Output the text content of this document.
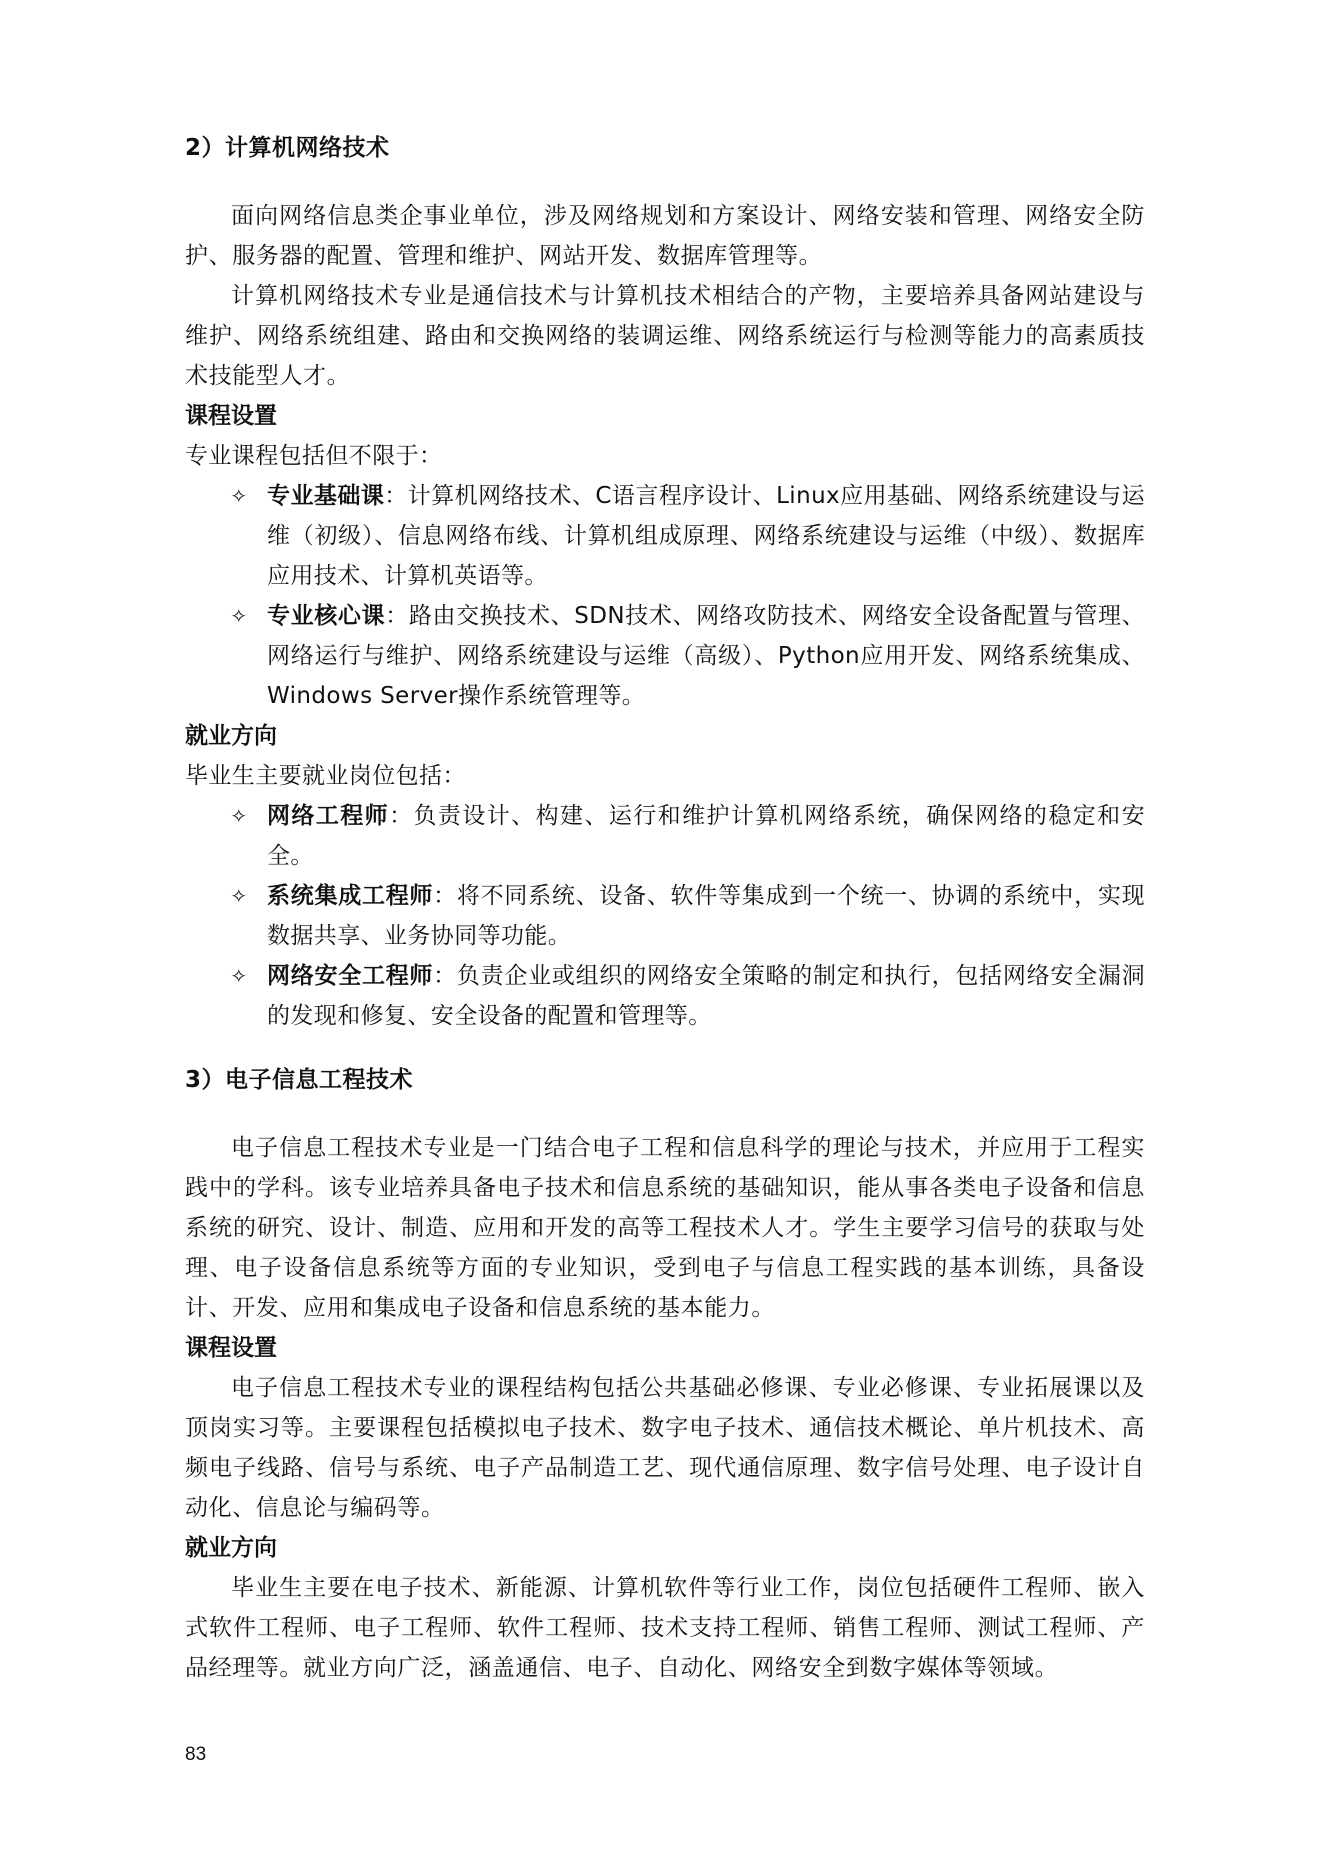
2）计算机网络技术

面向网络信息类企事业单位，涉及网络规划和方案设计、网络安装和管理、网络安全防护、服务器的配置、管理和维护、网站开发、数据库管理等。

计算机网络技术专业是通信技术与计算机技术相结合的产物，主要培养具备网站建设与维护、网络系统组建、路由和交换网络的装调运维、网络系统运行与检测等能力的高素质技术技能型人才。

课程设置
专业课程包括但不限于：
✧ 专业基础课：计算机网络技术、C语言程序设计、Linux应用基础、网络系统建设与运维（初级）、信息网络布线、计算机组成原理、网络系统建设与运维（中级）、数据库应用技术、计算机英语等。
✧ 专业核心课：路由交换技术、SDN技术、网络攻防技术、网络安全设备配置与管理、网络运行与维护、网络系统建设与运维（高级）、Python应用开发、网络系统集成、Windows Server操作系统管理等。
就业方向
毕业生主要就业岗位包括：
✧ 网络工程师：负责设计、构建、运行和维护计算机网络系统，确保网络的稳定和安全。
✧ 系统集成工程师：将不同系统、设备、软件等集成到一个统一、协调的系统中，实现数据共享、业务协同等功能。
✧ 网络安全工程师：负责企业或组织的网络安全策略的制定和执行，包括网络安全漏洞的发现和修复、安全设备的配置和管理等。
3）电子信息工程技术

电子信息工程技术专业是一门结合电子工程和信息科学的理论与技术，并应用于工程实践中的学科。该专业培养具备电子技术和信息系统的基础知识，能从事各类电子设备和信息系统的研究、设计、制造、应用和开发的高等工程技术人才。学生主要学习信号的获取与处理、电子设备信息系统等方面的专业知识，受到电子与信息工程实践的基本训练，具备设计、开发、应用和集成电子设备和信息系统的基本能力。

课程设置

电子信息工程技术专业的课程结构包括公共基础必修课、专业必修课、专业拓展课以及顶岗实习等。主要课程包括模拟电子技术、数字电子技术、通信技术概论、单片机技术、高频电子线路、信号与系统、电子产品制造工艺、现代通信原理、数字信号处理、电子设计自动化、信息论与编码等。

就业方向

毕业生主要在电子技术、新能源、计算机软件等行业工作，岗位包括硬件工程师、嵌入式软件工程师、电子工程师、软件工程师、技术支持工程师、销售工程师、测试工程师、产品经理等。就业方向广泛，涵盖通信、电子、自动化、网络安全到数字媒体等领域。

83
